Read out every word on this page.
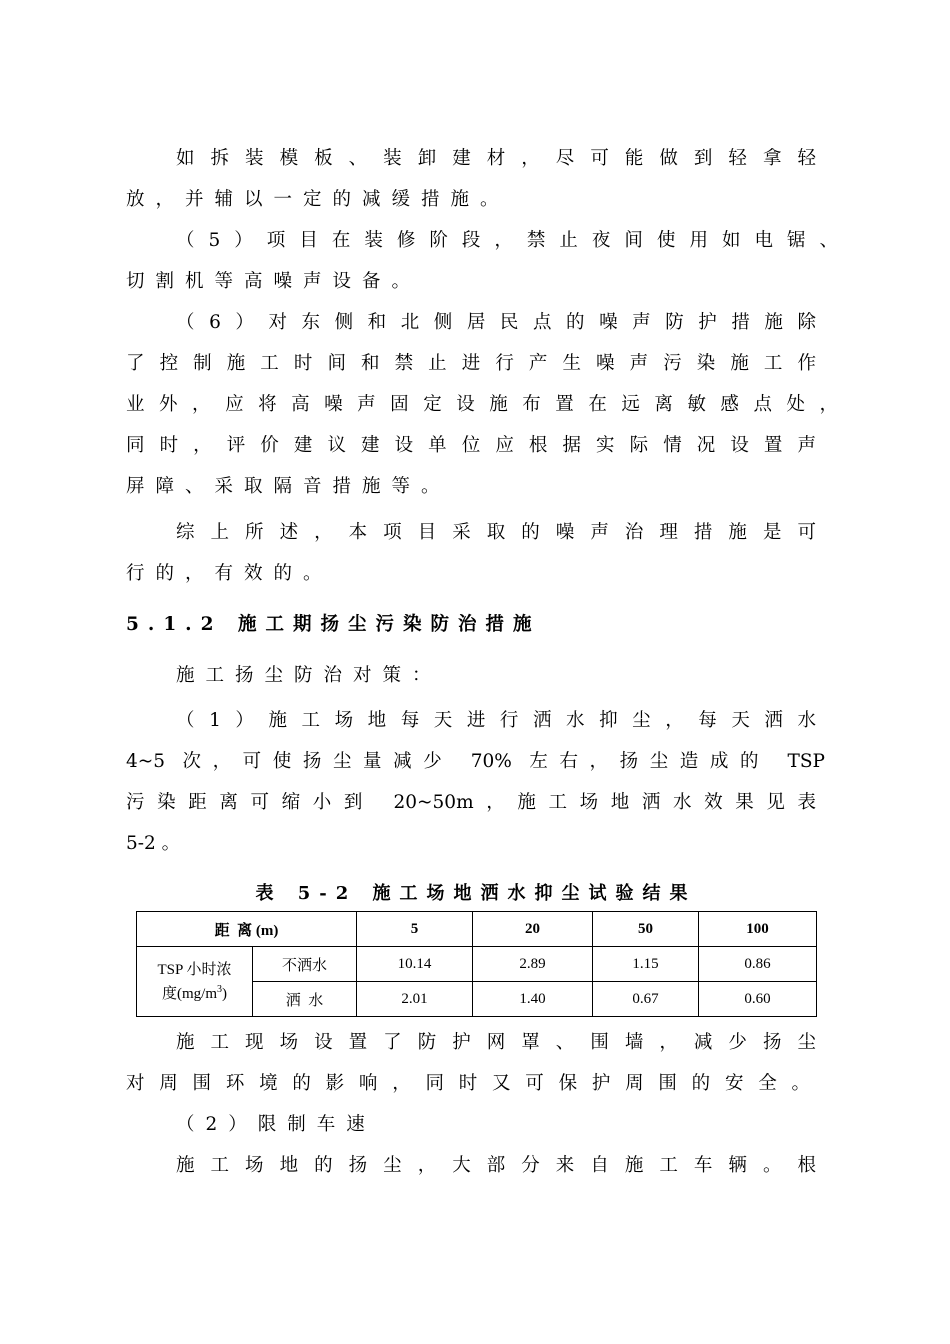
如拆装模板、装卸建材，尽可能做到轻拿轻
放，并辅以一定的减缓措施。
（5）项目在装修阶段，禁止夜间使用如电锯、
切割机等高噪声设备。
（6）对东侧和北侧居民点的噪声防护措施除
了控制施工时间和禁止进行产生噪声污染施工作
业外，应将高噪声固定设施布置在远离敏感点处，
同时，评价建议建设单位应根据实际情况设置声
屏障、采取隔音措施等。
综上所述，本项目采取的噪声治理措施是可
行的，有效的。
5.1.2 施工期扬尘污染防治措施
施工扬尘防治对策：
（1）施工场地每天进行洒水抑尘，每天洒水
4~5 次，可使扬尘量减少 70% 左右，扬尘造成的 TSP
污染距离可缩小到 20~50m，施工场地洒水效果见表
5-2 。
表 5-2 施工场地洒水抑尘试验结果
距  离 (m)		5	20	50	100
TSP 小时浓
度$(mg/m^3)$	不洒水	10.14	2.89	1.15	0.86
	洒  水	2.01	1.40	0.67	0.60
施工现场设置了防护网罩、围墙，减少扬尘
对周围环境的影响，同时又可保护周围的安全。
（2）限制车速
施工场地的扬尘，大部分来自施工车辆。根
